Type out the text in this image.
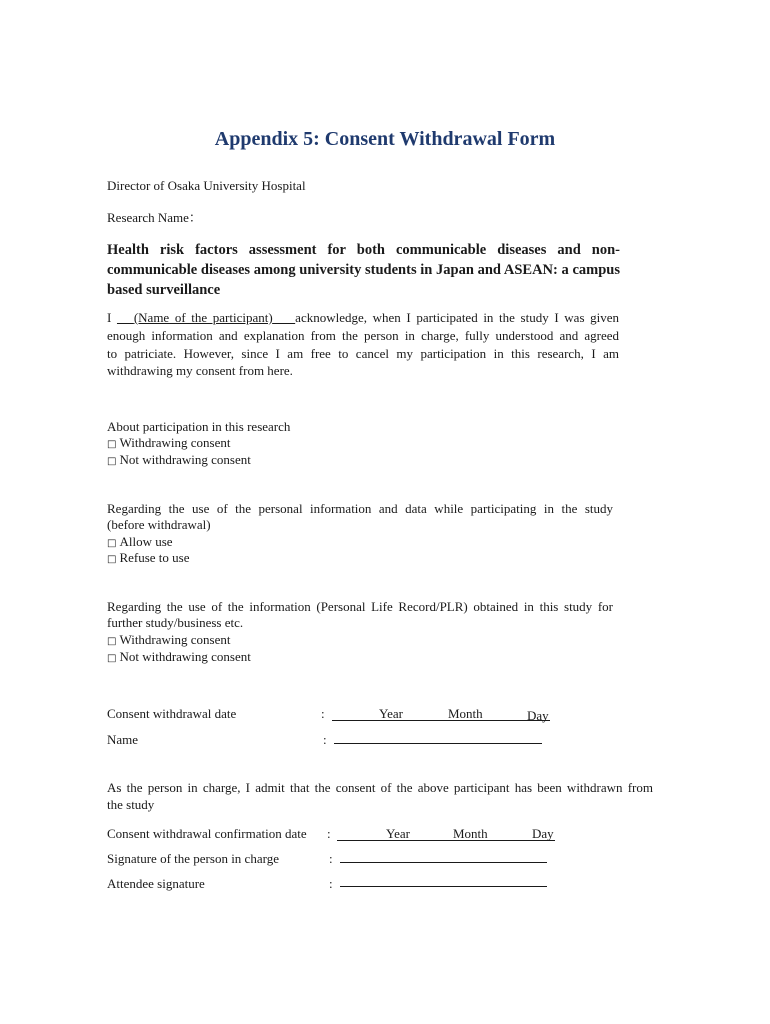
Appendix 5: Consent Withdrawal Form
Director of Osaka University Hospital
Research Name：
Health risk factors assessment for both communicable diseases and non-communicable diseases among university students in Japan and ASEAN: a campus based surveillance
I (Name of the participant) acknowledge, when I participated in the study I was given
enough information and explanation from the person in charge, fully understood and agreed
to patriciate. However, since I am free to cancel my participation in this research, I am
withdrawing my consent from here.
About participation in this research
□ Withdrawing consent
□ Not withdrawing consent
Regarding the use of the personal information and data while participating in the study
(before withdrawal)
□ Allow use
□ Refuse to use
Regarding the use of the information (Personal Life Record/PLR) obtained in this study for
further study/business etc.
□ Withdrawing consent
□ Not withdrawing consent
Consent withdrawal date	:	Year	Month	Day
Name	:
As the person in charge, I admit that the consent of the above participant has been withdrawn from
the study
Consent withdrawal confirmation date :	Year	Month	Day
Signature of the person in charge	:
Attendee signature	:
